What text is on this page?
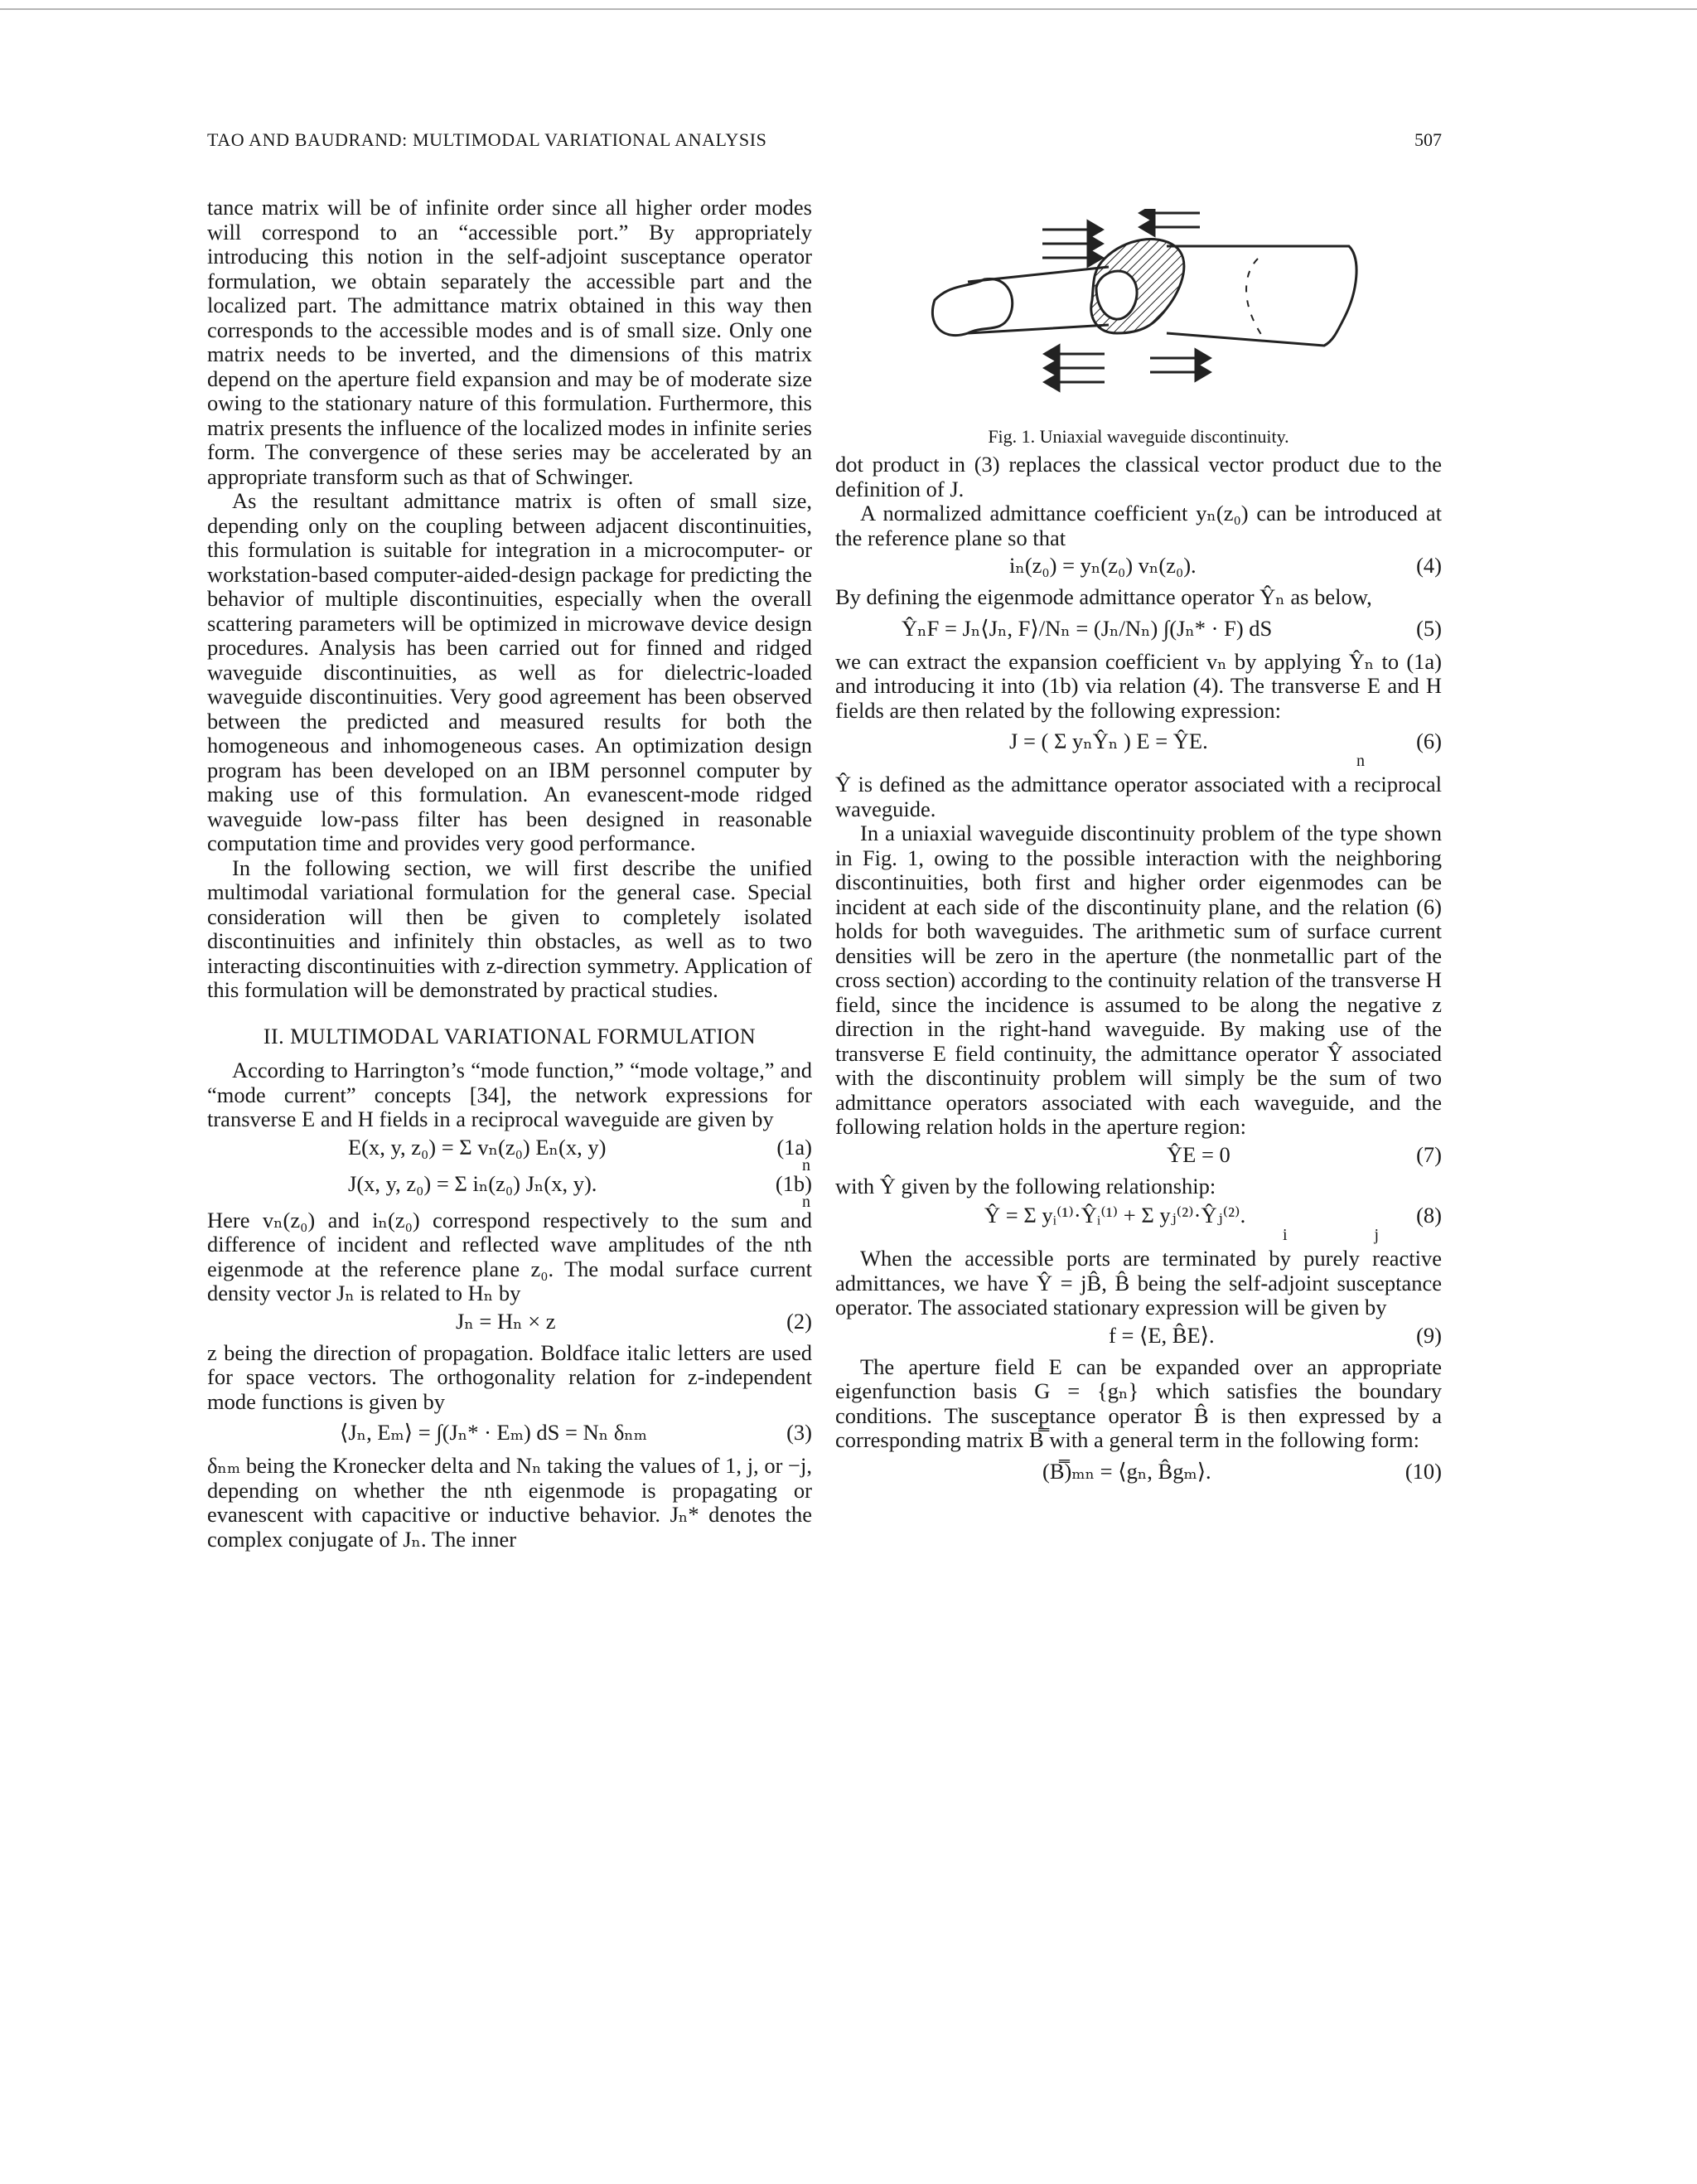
TAO AND BAUDRAND: MULTIMODAL VARIATIONAL ANALYSIS	507

tance matrix will be of infinite order since all higher order modes will correspond to an “accessible port.” By appropriately introducing this notion in the self-adjoint susceptance operator formulation, we obtain separately the accessible part and the localized part. The admittance matrix obtained in this way then corresponds to the accessible modes and is of small size. Only one matrix needs to be inverted, and the dimensions of this matrix depend on the aperture field expansion and may be of moderate size owing to the stationary nature of this formulation. Furthermore, this matrix presents the influence of the localized modes in infinite series form. The convergence of these series may be accelerated by an appropriate transform such as that of Schwinger.

As the resultant admittance matrix is often of small size, depending only on the coupling between adjacent discontinuities, this formulation is suitable for integration in a microcomputer- or workstation-based computer-aided-design package for predicting the behavior of multiple discontinuities, especially when the overall scattering parameters will be optimized in microwave device design procedures. Analysis has been carried out for finned and ridged waveguide discontinuities, as well as for dielectric-loaded waveguide discontinuities. Very good agreement has been observed between the predicted and measured results for both the homogeneous and inhomogeneous cases. An optimization design program has been developed on an IBM personnel computer by making use of this formulation. An evanescent-mode ridged waveguide low-pass filter has been designed in reasonable computation time and provides very good performance.

In the following section, we will first describe the unified multimodal variational formulation for the general case. Special consideration will then be given to completely isolated discontinuities and infinitely thin obstacles, as well as to two interacting discontinuities with z-direction symmetry. Application of this formulation will be demonstrated by practical studies.

II. MULTIMODAL VARIATIONAL FORMULATION

According to Harrington’s “mode function,” “mode voltage,” and “mode current” concepts [34], the network expressions for transverse E and H fields in a reciprocal waveguide are given by

E(x, y, z₀) = Σ vₙ(z₀) Eₙ(x, y)
n
(1a)
J(x, y, z₀) = Σ iₙ(z₀) Jₙ(x, y).
n
(1b)

Here vₙ(z₀) and iₙ(z₀) correspond respectively to the sum and difference of incident and reflected wave amplitudes of the nth eigenmode at the reference plane z₀. The modal surface current density vector Jₙ is related to Hₙ by

Jₙ = Hₙ × z	(2)

z being the direction of propagation. Boldface italic letters are used for space vectors. The orthogonality relation for z-independent mode functions is given by

⟨Jₙ, Eₘ⟩ = ∫(Jₙ* · Eₘ) dS = Nₙ δₙₘ	(3)

δₙₘ being the Kronecker delta and Nₙ taking the values of 1, j, or −j, depending on whether the nth eigenmode is propagating or evanescent with capacitive or inductive behavior. Jₙ* denotes the complex conjugate of Jₙ. The inner

Fig. 1. Uniaxial waveguide discontinuity.

dot product in (3) replaces the classical vector product due to the definition of J.

A normalized admittance coefficient yₙ(z₀) can be introduced at the reference plane so that

iₙ(z₀) = yₙ(z₀) vₙ(z₀).	(4)

By defining the eigenmode admittance operator Ŷₙ as below,

ŶₙF = Jₙ⟨Jₙ, F⟩/Nₙ = (Jₙ/Nₙ) ∫(Jₙ* · F) dS	(5)

we can extract the expansion coefficient vₙ by applying Ŷₙ to (1a) and introducing it into (1b) via relation (4). The transverse E and H fields are then related by the following expression:

J = ( Σ yₙŶₙ ) E = ŶE.
n
(6)

Ŷ is defined as the admittance operator associated with a reciprocal waveguide.

In a uniaxial waveguide discontinuity problem of the type shown in Fig. 1, owing to the possible interaction with the neighboring discontinuities, both first and higher order eigenmodes can be incident at each side of the discontinuity plane, and the relation (6) holds for both waveguides. The arithmetic sum of surface current densities will be zero in the aperture (the nonmetallic part of the cross section) according to the continuity relation of the transverse H field, since the incidence is assumed to be along the negative z direction in the right-hand waveguide. By making use of the transverse E field continuity, the admittance operator Ŷ associated with the discontinuity problem will simply be the sum of two admittance operators associated with each waveguide, and the following relation holds in the aperture region:

ŶE = 0	(7)

with Ŷ given by the following relationship:

Ŷ = Σ yᵢ⁽¹⁾·Ŷᵢ⁽¹⁾ + Σ yⱼ⁽²⁾·Ŷⱼ⁽²⁾.
i                     j
(8)

When the accessible ports are terminated by purely reactive admittances, we have Ŷ = jB̂, B̂ being the self-adjoint susceptance operator. The associated stationary expression will be given by

f = ⟨E, B̂E⟩.	(9)

The aperture field E can be expanded over an appropriate eigenfunction basis G = {gₙ} which satisfies the boundary conditions. The susceptance operator B̂ is then expressed by a corresponding matrix B̿ with a general term in the following form:

(B̿)ₘₙ = ⟨gₙ, B̂gₘ⟩.	(10)
